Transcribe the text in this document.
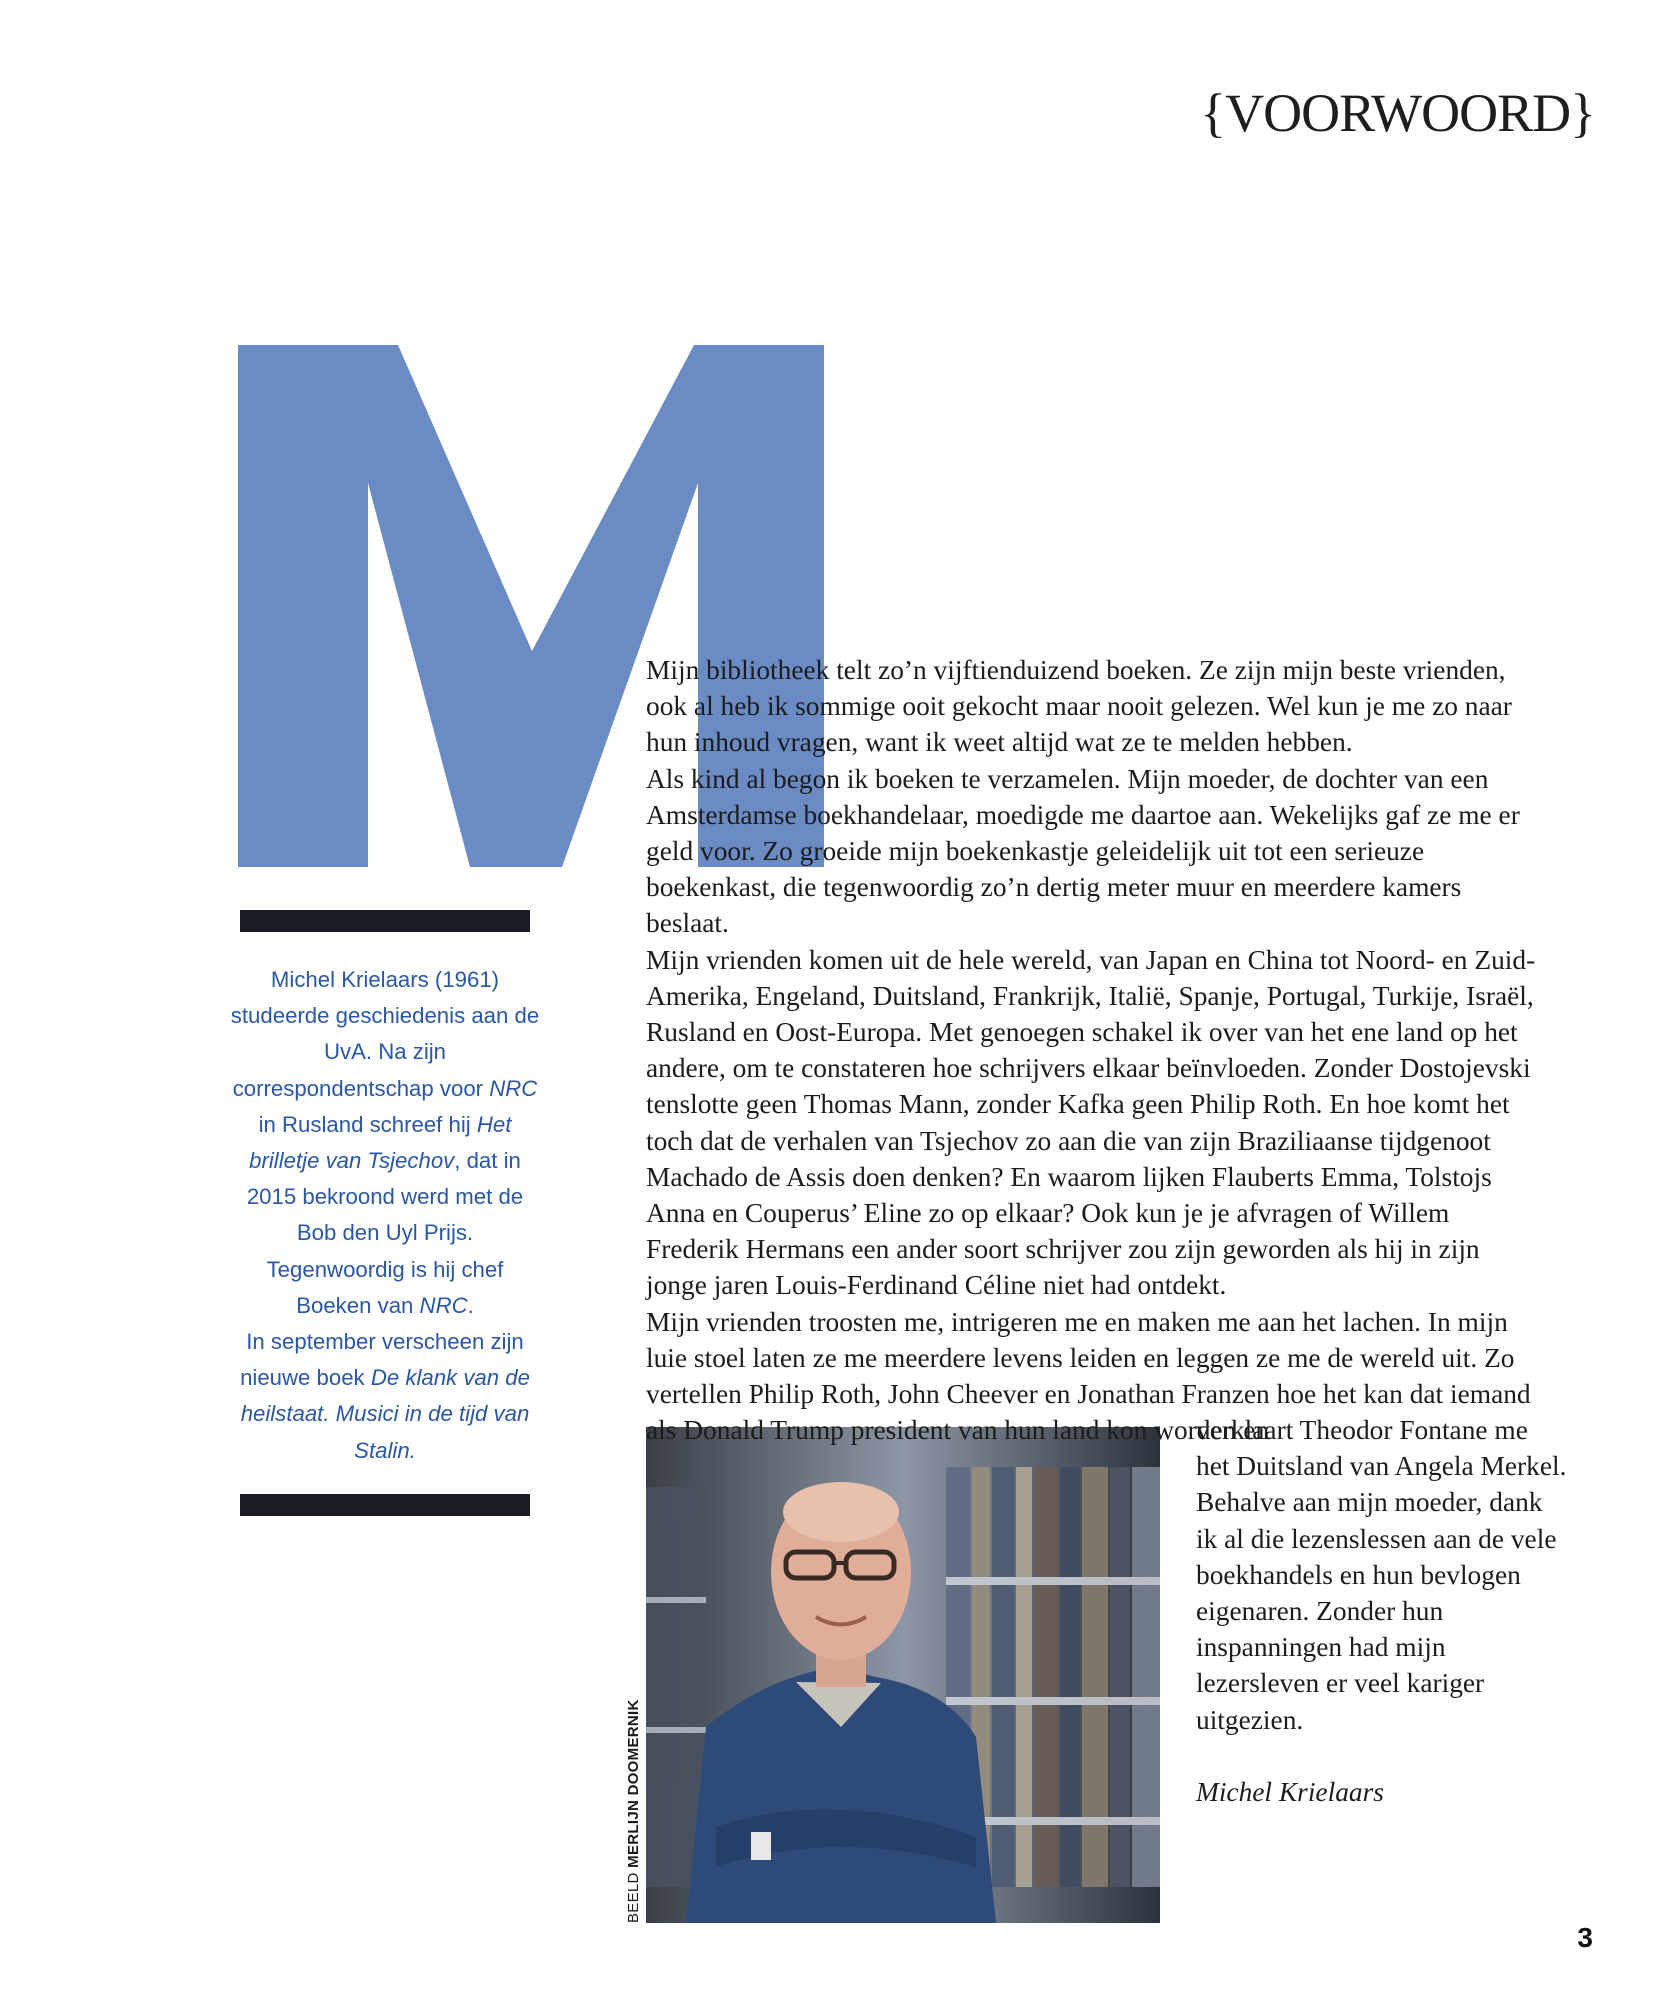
{VOORWOORD}

Michel Krielaars (1961) studeerde geschiedenis aan de UvA. Na zijn correspondentschap voor NRC in Rusland schreef hij Het brilletje van Tsjechov, dat in 2015 bekroond werd met de Bob den Uyl Prijs. Tegenwoordig is hij chef Boeken van NRC.

In september verscheen zijn nieuwe boek De klank van de heilstaat. Musici in de tijd van Stalin.

Mijn bibliotheek telt zo’n vijftienduizend boeken. Ze zijn mijn beste vrienden, ook al heb ik sommige ooit gekocht maar nooit gelezen. Wel kun je me zo naar hun inhoud vragen, want ik weet altijd wat ze te melden hebben.

Als kind al begon ik boeken te verzamelen. Mijn moeder, de dochter van een Amsterdamse boekhandelaar, moedigde me daartoe aan. Wekelijks gaf ze me er geld voor. Zo groeide mijn boekenkastje geleidelijk uit tot een serieuze boekenkast, die tegenwoordig zo’n dertig meter muur en meerdere kamers beslaat.

Mijn vrienden komen uit de hele wereld, van Japan en China tot Noord- en Zuid-Amerika, Engeland, Duitsland, Frankrijk, Italië, Spanje, Portugal, Turkije, Israël, Rusland en Oost-Europa. Met genoegen schakel ik over van het ene land op het andere, om te constateren hoe schrijvers elkaar beïnvloeden. Zonder Dostojevski tenslotte geen Thomas Mann, zonder Kafka geen Philip Roth. En hoe komt het toch dat de verhalen van Tsjechov zo aan die van zijn Braziliaanse tijdgenoot Machado de Assis doen denken? En waarom lijken Flauberts Emma, Tolstojs Anna en Couperus’ Eline zo op elkaar? Ook kun je je afvragen of Willem Frederik Hermans een ander soort schrijver zou zijn geworden als hij in zijn jonge jaren Louis-Ferdinand Céline niet had ontdekt.

Mijn vrienden troosten me, intrigeren me en maken me aan het lachen. In mijn luie stoel laten ze me meerdere levens leiden en leggen ze me de wereld uit. Zo vertellen Philip Roth, John Cheever en Jonathan Franzen hoe het kan dat iemand als Donald Trump president van hun land kon worden en

BEELD MERLIJN DOOMERNIK

verklaart Theodor Fontane me het Duitsland van Angela Merkel.

Behalve aan mijn moeder, dank ik al die lezenslessen aan de vele boekhandels en hun bevlogen eigenaren. Zonder hun inspanningen had mijn lezersleven er veel kariger uitgezien.

Michel Krielaars

3
